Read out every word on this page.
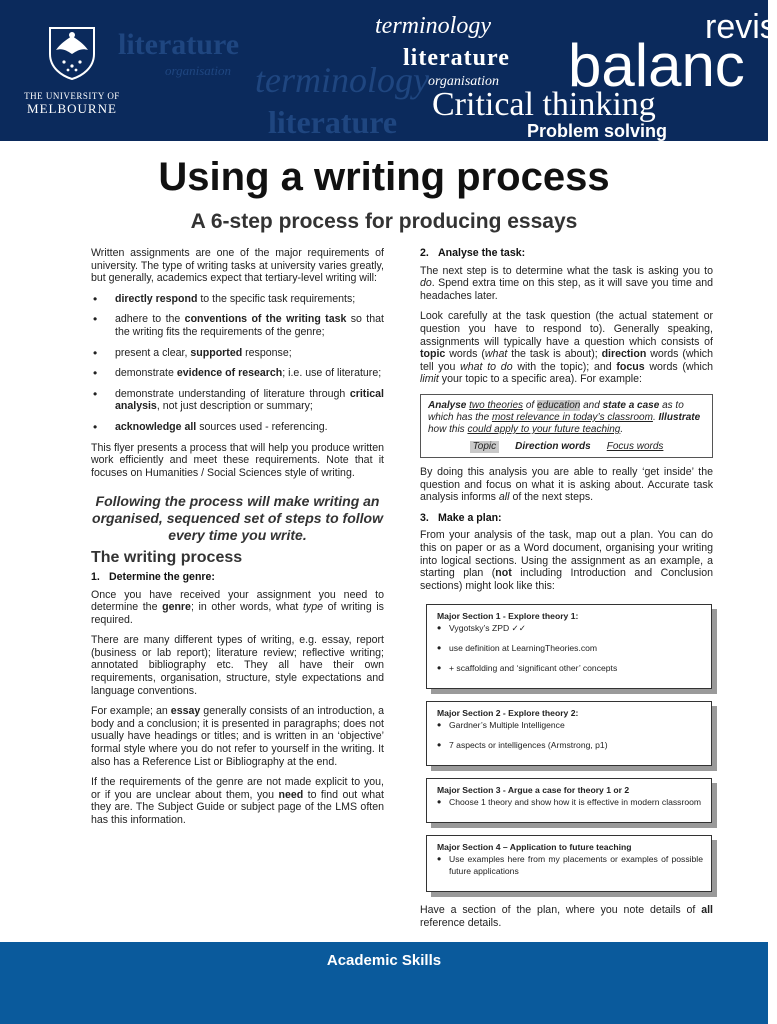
literature
terminology
literature
organisation
terminology
literature
organisation balanc
revis
Critical thinking
Problem solving
THE UNIVERSITY OF
MELBOURNE
Using a writing process
A 6-step process for producing essays

Written assignments are one of the major requirements of university. The type of writing tasks at university varies greatly, but generally, academics expect that tertiary-level writing will:

• directly respond to the specific task requirements;
• adhere to the conventions of the writing task so that the writing fits the requirements of the genre;
• present a clear, supported response;
• demonstrate evidence of research; i.e. use of literature;
• demonstrate understanding of literature through critical analysis, not just description or summary;
• acknowledge all sources used - referencing.

This flyer presents a process that will help you produce written work efficiently and meet these requirements. Note that it focuses on Humanities / Social Sciences style of writing.

Following the process will make writing an organised, sequenced set of steps to follow every time you write.
The writing process
1. Determine the genre:

Once you have received your assignment you need to determine the genre; in other words, what type of writing is required.

There are many different types of writing, e.g. essay, report (business or lab report); literature review; reflective writing; annotated bibliography etc. They all have their own requirements, organisation, structure, style expectations and language conventions.

For example; an essay generally consists of an introduction, a body and a conclusion; it is presented in paragraphs; does not usually have headings or titles; and is written in an ‘objective’ formal style where you do not refer to yourself in the writing. It also has a Reference List or Bibliography at the end.

If the requirements of the genre are not made explicit to you, or if you are unclear about them, you need to find out what they are. The Subject Guide or subject page of the LMS often has this information.

2. Analyse the task:

The next step is to determine what the task is asking you to do. Spend extra time on this step, as it will save you time and headaches later.

Look carefully at the task question (the actual statement or question you have to respond to). Generally speaking, assignments will typically have a question which consists of topic words (what the task is about); direction words (which tell you what to do with the topic); and focus words (which limit your topic to a specific area). For example:

Analyse two theories of education and state a case as to which has the most relevance in today’s classroom. Illustrate how this could apply to your future teaching.
Topic	Direction words Focus words

By doing this analysis you are able to really ‘get inside’ the question and focus on what it is asking about. Accurate task analysis informs all of the next steps.

3. Make a plan:

From your analysis of the task, map out a plan. You can do this on paper or as a Word document, organising your writing into logical sections. Using the assignment as an example, a starting plan (not including Introduction and Conclusion sections) might look like this:

Major Section 1 - Explore theory 1:
• Vygotsky’s ZPD ✓✓
• use definition at LearningTheories.com
• + scaffolding and ‘significant other’ concepts
Major Section 2 - Explore theory 2:
• Gardner’s Multiple Intelligence
• 7 aspects or intelligences (Armstrong, p1)
Major Section 3 - Argue a case for theory 1 or 2
• Choose 1 theory and show how it is effective in modern classroom
Major Section 4 – Application to future teaching
• Use examples here from my placements or examples of possible future applications

Have a section of the plan, where you note details of all reference details.

Academic Skills
